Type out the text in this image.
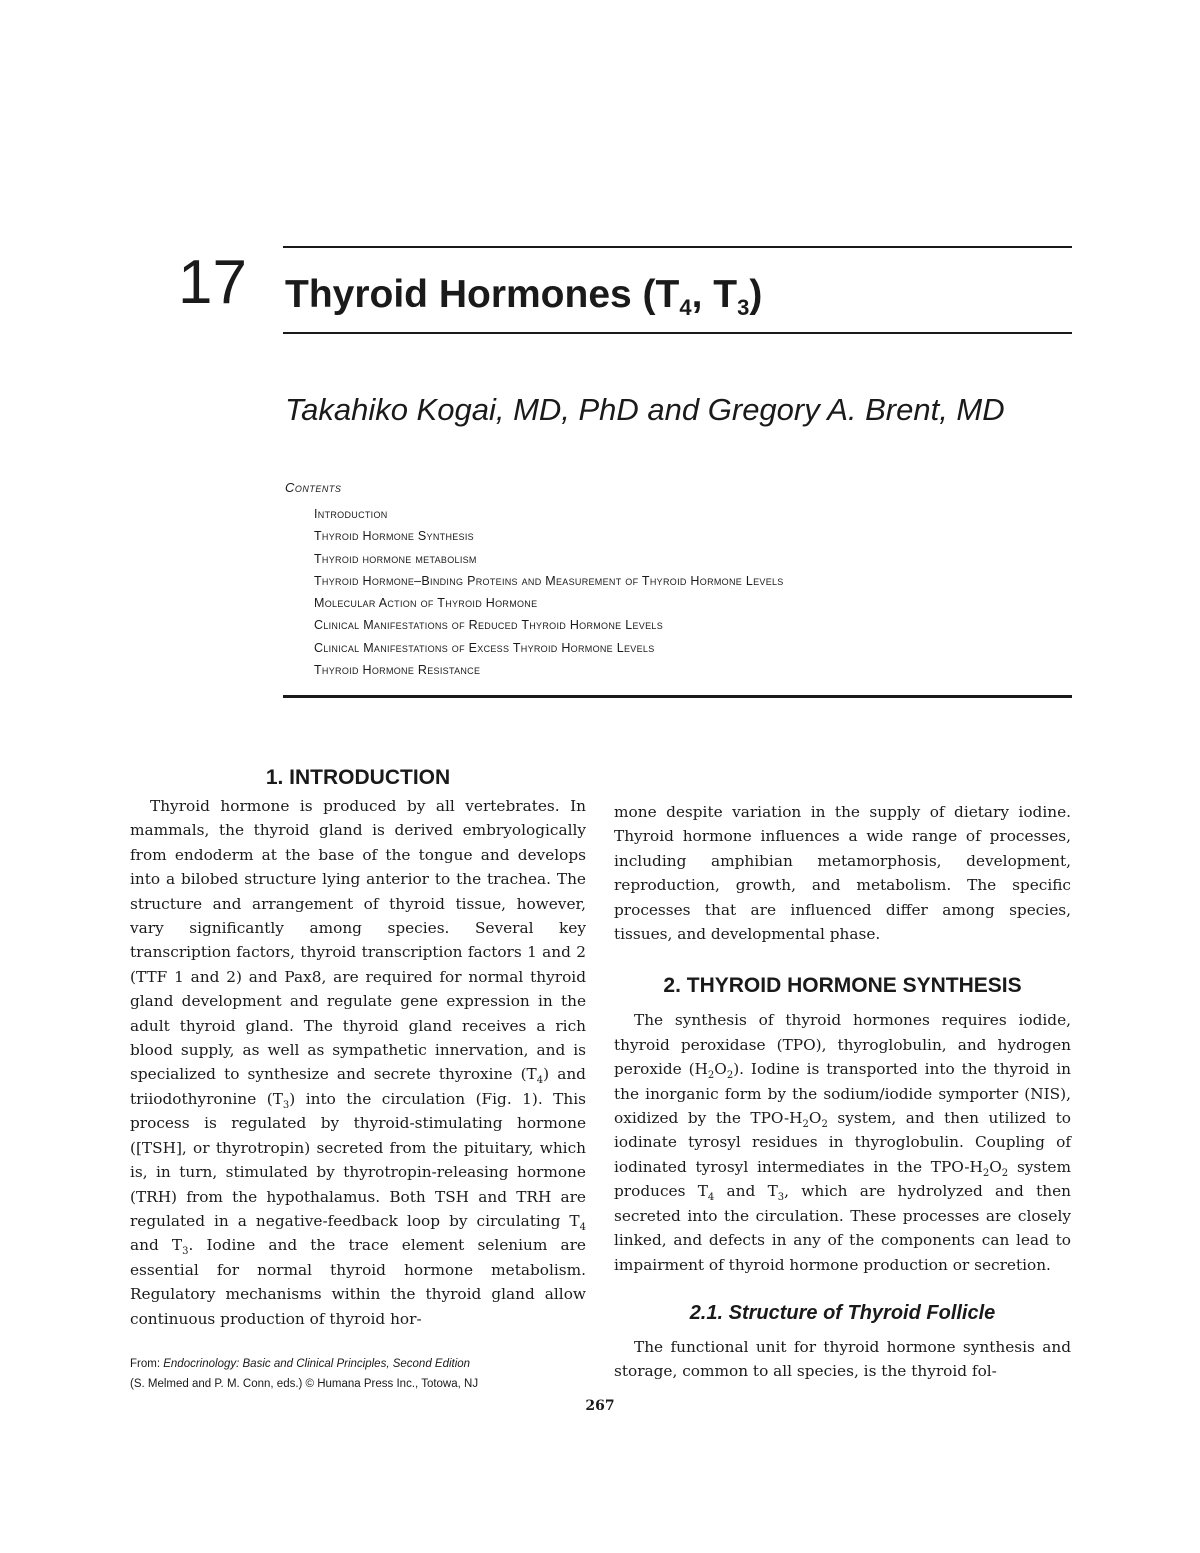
17 Thyroid Hormones ($T_4$, $T_3$)
Takahiko Kogai, MD, PhD and Gregory A. Brent, MD
Contents
Introduction
Thyroid Hormone Synthesis
Thyroid hormone metabolism
Thyroid Hormone–Binding Proteins and Measurement of Thyroid Hormone Levels
Molecular Action of Thyroid Hormone
Clinical Manifestations of Reduced Thyroid Hormone Levels
Clinical Manifestations of Excess Thyroid Hormone Levels
Thyroid Hormone Resistance
1. INTRODUCTION

Thyroid hormone is produced by all vertebrates. In mammals, the thyroid gland is derived embryologically from endoderm at the base of the tongue and develops into a bilobed structure lying anterior to the trachea. The structure and arrangement of thyroid tissue, however, vary significantly among species. Several key transcription factors, thyroid transcription factors 1 and 2 (TTF 1 and 2) and Pax8, are required for normal thyroid gland development and regulate gene expression in the adult thyroid gland. The thyroid gland receives a rich blood supply, as well as sympathetic innervation, and is specialized to synthesize and secrete thyroxine $(T_4)$ and triiodothyronine $(T_3)$ into the circulation (Fig. 1). This process is regulated by thyroid-stimulating hormone ([TSH], or thyrotropin) secreted from the pituitary, which is, in turn, stimulated by thyrotropin-releasing hormone (TRH) from the hypothalamus. Both TSH and TRH are regulated in a negative-feedback loop by circulating $T_4$ and $T_3$. Iodine and the trace element selenium are essential for normal thyroid hormone metabolism. Regulatory mechanisms within the thyroid gland allow continuous production of thyroid hor-

mone despite variation in the supply of dietary iodine. Thyroid hormone influences a wide range of processes, including amphibian metamorphosis, development, reproduction, growth, and metabolism. The specific processes that are influenced differ among species, tissues, and developmental phase.

2. THYROID HORMONE SYNTHESIS

The synthesis of thyroid hormones requires iodide, thyroid peroxidase (TPO), thyroglobulin, and hydrogen peroxide $(H_2O_2)$. Iodine is transported into the thyroid in the inorganic form by the sodium/iodide symporter (NIS), oxidized by the TPO-$H_2O_2$ system, and then utilized to iodinate tyrosyl residues in thyroglobulin. Coupling of iodinated tyrosyl intermediates in the TPO-$H_2O_2$ system produces $T_4$ and $T_3$, which are hydrolyzed and then secreted into the circulation. These processes are closely linked, and defects in any of the components can lead to impairment of thyroid hormone production or secretion.

2.1. Structure of Thyroid Follicle

The functional unit for thyroid hormone synthesis and storage, common to all species, is the thyroid fol-

From: Endocrinology: Basic and Clinical Principles, Second Edition
(S. Melmed and P. M. Conn, eds.) © Humana Press Inc., Totowa, NJ
267
